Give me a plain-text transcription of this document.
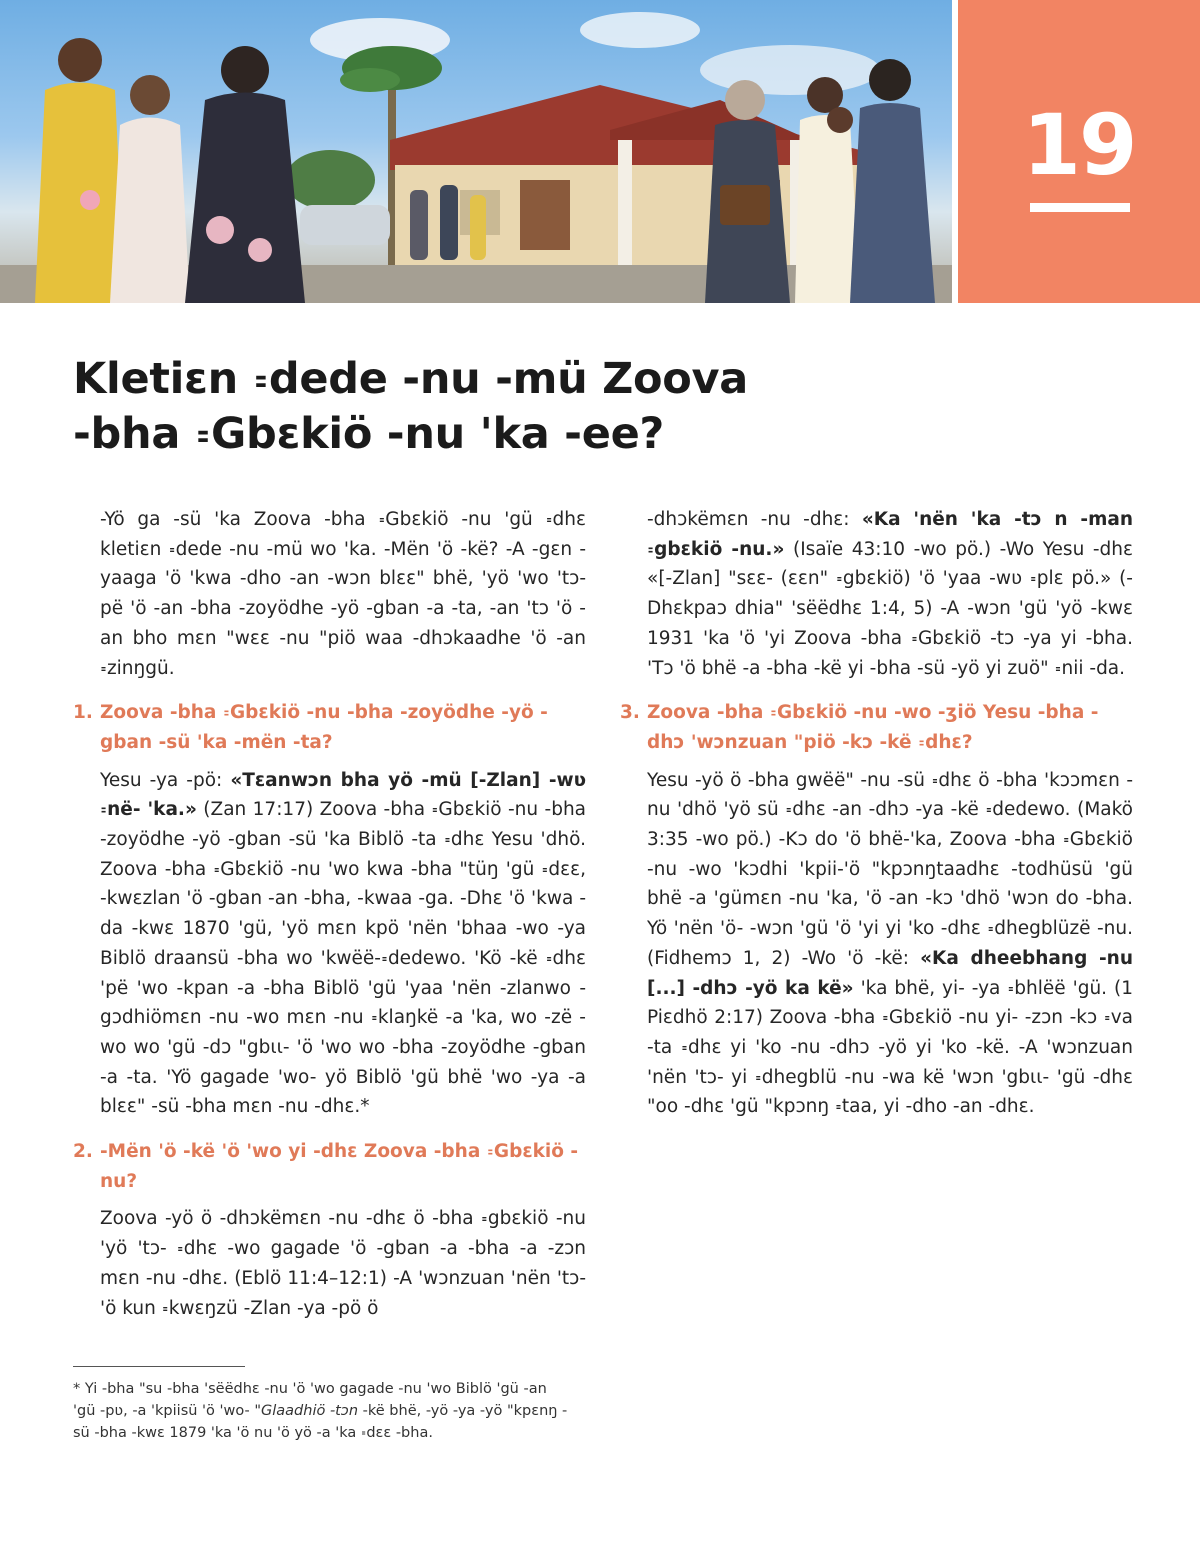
19
Kletiɛn ꞊dede -nu -mü Zoova
-bha ꞊Gbɛkiö -nu 'ka -ee?

-Yö ga -sü 'ka Zoova -bha ꞊Gbɛkiö -nu 'gü ꞊dhɛ kletiɛn ꞊dede -nu -mü wo 'ka. -Mën 'ö -kë? -A -gɛn -yaaga 'ö 'kwa -dho -an -wɔn blɛɛ" bhë, 'yö 'wo 'tɔ-pë 'ö -an -bha -zoyödhe -yö -gban -a -ta, -an 'tɔ 'ö -an bho mɛn "wɛɛ -nu "piö waa -dhɔkaadhe 'ö -an ꞊zinŋgü.

1. Zoova -bha ꞊Gbɛkiö -nu -bha -zoyödhe -yö -gban -sü 'ka -mën -ta?

Yesu -ya -pö: «Tɛanwɔn bha yö -mü [-Zlan] -wʋ ꞊në- 'ka.» (Zan 17:17) Zoova -bha ꞊Gbɛkiö -nu -bha -zoyödhe -yö -gban -sü 'ka Biblö -ta ꞊dhɛ Yesu 'dhö. Zoova -bha ꞊Gbɛkiö -nu 'wo kwa -bha "tüŋ 'gü ꞊dɛɛ, -kwɛzlan 'ö -gban -an -bha, -kwaa -ga. -Dhɛ 'ö 'kwa -da -kwɛ 1870 'gü, 'yö mɛn kpö 'nën 'bhaa -wo -ya Biblö draansü -bha wo 'kwëë-꞊dedewo. 'Kö -kë ꞊dhɛ 'pë 'wo -kpan -a -bha Biblö 'gü 'yaa 'nën -zlanwo -gɔdhiömɛn -nu -wo mɛn -nu ꞊klaŋkë -a 'ka, wo -zë -wo wo 'gü -dɔ "gbɩɩ- 'ö 'wo wo -bha -zoyödhe -gban -a -ta. 'Yö gagade 'wo- yö Biblö 'gü bhë 'wo -ya -a blɛɛ" -sü -bha mɛn -nu -dhɛ.*

2. -Mën 'ö -kë 'ö 'wo yi -dhɛ Zoova -bha ꞊Gbɛkiö -nu?

Zoova -yö ö -dhɔkëmɛn -nu -dhɛ ö -bha ꞊gbɛkiö -nu 'yö 'tɔ- ꞊dhɛ -wo gagade 'ö -gban -a -bha -a -zɔn mɛn -nu -dhɛ. (Eblö 11:4–12:1) -A 'wɔnzuan 'nën 'tɔ- 'ö kun ꞊kwɛŋzü -Zlan -ya -pö ö

-dhɔkëmɛn -nu -dhɛ: «Ka 'nën 'ka -tɔ n -man ꞊gbɛkiö -nu.» (Isaïe 43:10 -wo pö.) -Wo Yesu -dhɛ «[-Zlan] "sɛɛ- (ɛɛn" ꞊gbɛkiö) 'ö 'yaa -wʋ ꞊plɛ pö.» (-Dhɛkpaɔ dhia" 'sëëdhɛ 1:4, 5) -A -wɔn 'gü 'yö -kwɛ 1931 'ka 'ö 'yi Zoova -bha ꞊Gbɛkiö -tɔ -ya yi -bha. 'Tɔ 'ö bhë -a -bha -kë yi -bha -sü -yö yi zuö" ꞊nii -da.

3. Zoova -bha ꞊Gbɛkiö -nu -wo -ʒiö Yesu -bha -dhɔ 'wɔnzuan "piö -kɔ -kë ꞊dhɛ?

Yesu -yö ö -bha gwëë" -nu -sü ꞊dhɛ ö -bha 'kɔɔmɛn -nu 'dhö 'yö sü ꞊dhɛ -an -dhɔ -ya -kë ꞊dedewo. (Makö 3:35 -wo pö.) -Kɔ do 'ö bhë-'ka, Zoova -bha ꞊Gbɛkiö -nu -wo 'kɔdhi 'kpii-'ö "kpɔnŋtaadhɛ -todhüsü 'gü bhë -a 'gümɛn -nu 'ka, 'ö -an -kɔ 'dhö 'wɔn do -bha. Yö 'nën 'ö- -wɔn 'gü 'ö 'yi yi 'ko -dhɛ ꞊dhegblüzë -nu. (Fidhemɔ 1, 2) -Wo 'ö -kë: «Ka dheebhang -nu [...] -dhɔ -yö ka kë» 'ka bhë, yi- -ya ꞊bhlëë 'gü. (1 Piɛdhö 2:17) Zoova -bha ꞊Gbɛkiö -nu yi- -zɔn -kɔ ꞊va -ta ꞊dhɛ yi 'ko -nu -dhɔ -yö yi 'ko -kë. -A 'wɔnzuan 'nën 'tɔ- yi ꞊dhegblü -nu -wa kë 'wɔn 'gbɩɩ- 'gü -dhɛ "oo -dhɛ 'gü "kpɔnŋ ꞊taa, yi -dho -an -dhɛ.

* Yi -bha "su -bha 'sëëdhɛ -nu 'ö 'wo gagade -nu 'wo Biblö 'gü -an 'gü -pʋ, -a 'kpiisü 'ö 'wo- "Glaadhiö -tɔn -kë bhë, -yö -ya -yö "kpɛnŋ -sü -bha -kwɛ 1879 'ka 'ö nu 'ö yö -a 'ka ꞊dɛɛ -bha.
